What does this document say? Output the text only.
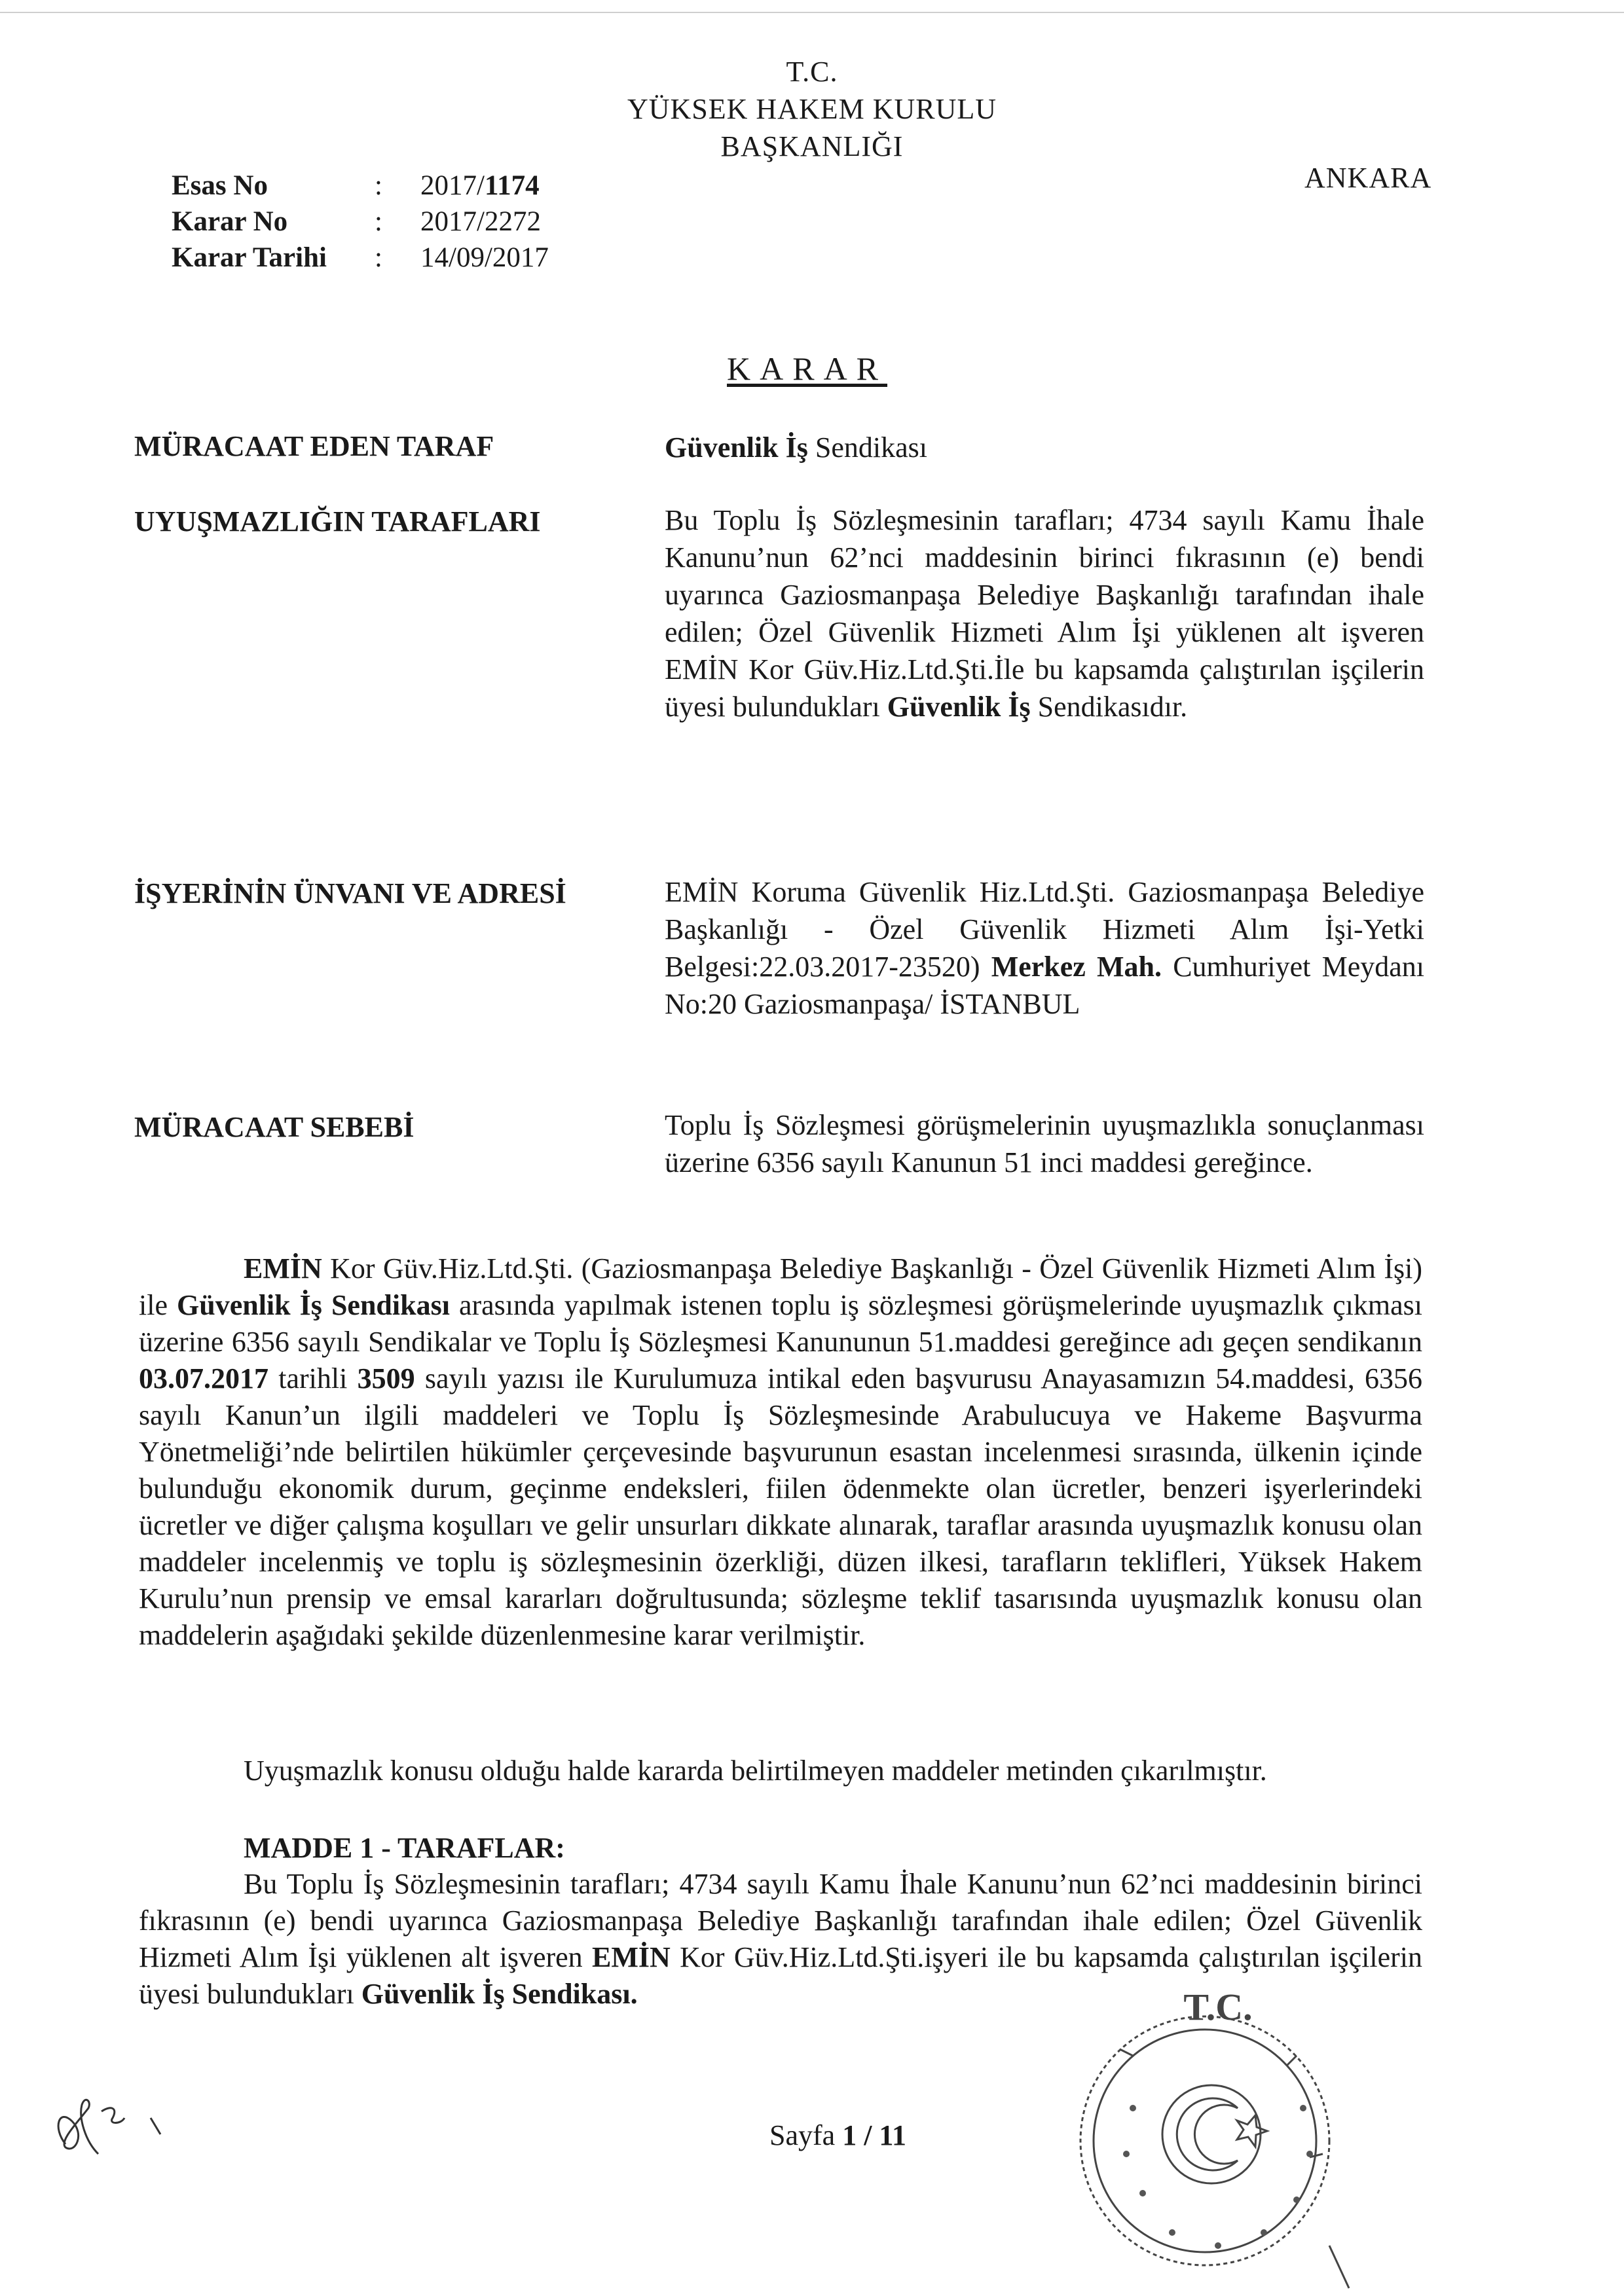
T.C.
YÜKSEK HAKEM KURULU
BAŞKANLIĞI
ANKARA
Esas No	: 2017/1174
Karar No	: 2017/2272
Karar Tarihi : 14/09/2017
KARAR
MÜRACAAT EDEN TARAF	Güvenlik İş Sendikası
UYUŞMAZLIĞIN TARAFLARI	Bu Toplu İş Sözleşmesinin tarafları; 4734 sayılı Kamu İhale Kanunu’nun 62’nci maddesinin birinci fıkrasının (e) bendi uyarınca Gaziosmanpaşa Belediye Başkanlığı tarafından ihale edilen; Özel Güvenlik Hizmeti Alım İşi yüklenen alt işveren EMİN Kor Güv.Hiz.Ltd.Şti.İle bu kapsamda çalıştırılan işçilerin üyesi bulundukları Güvenlik İş Sendikasıdır.
İŞYERİNİN ÜNVANI VE ADRESİ	EMİN Koruma Güvenlik Hiz.Ltd.Şti. Gaziosmanpaşa Belediye Başkanlığı - Özel Güvenlik Hizmeti Alım İşi-Yetki Belgesi:22.03.2017-23520) Merkez Mah. Cumhuriyet Meydanı No:20 Gaziosmanpaşa/ İSTANBUL
MÜRACAAT SEBEBİ	Toplu İş Sözleşmesi görüşmelerinin uyuşmazlıkla sonuçlanması üzerine 6356 sayılı Kanunun 51 inci maddesi gereğince.
EMİN Kor Güv.Hiz.Ltd.Şti. (Gaziosmanpaşa Belediye Başkanlığı - Özel Güvenlik Hizmeti Alım İşi) ile Güvenlik İş Sendikası arasında yapılmak istenen toplu iş sözleşmesi görüşmelerinde uyuşmazlık çıkması üzerine 6356 sayılı Sendikalar ve Toplu İş Sözleşmesi Kanununun 51.maddesi gereğince adı geçen sendikanın 03.07.2017 tarihli 3509 sayılı yazısı ile Kurulumuza intikal eden başvurusu Anayasamızın 54.maddesi, 6356 sayılı Kanun’un ilgili maddeleri ve Toplu İş Sözleşmesinde Arabulucuya ve Hakeme Başvurma Yönetmeliği’nde belirtilen hükümler çerçevesinde başvurunun esastan incelenmesi sırasında, ülkenin içinde bulunduğu ekonomik durum, geçinme endeksleri, fiilen ödenmekte olan ücretler, benzeri işyerlerindeki ücretler ve diğer çalışma koşulları ve gelir unsurları dikkate alınarak, taraflar arasında uyuşmazlık konusu olan maddeler incelenmiş ve toplu iş sözleşmesinin özerkliği, düzen ilkesi, tarafların teklifleri, Yüksek Hakem Kurulu’nun prensip ve emsal kararları doğrultusunda; sözleşme teklif tasarısında uyuşmazlık konusu olan maddelerin aşağıdaki şekilde düzenlenmesine karar verilmiştir.
Uyuşmazlık konusu olduğu halde kararda belirtilmeyen maddeler metinden çıkarılmıştır.
MADDE 1 - TARAFLAR:
Bu Toplu İş Sözleşmesinin tarafları; 4734 sayılı Kamu İhale Kanunu’nun 62’nci maddesinin birinci fıkrasının (e) bendi uyarınca Gaziosmanpaşa Belediye Başkanlığı tarafından ihale edilen; Özel Güvenlik Hizmeti Alım İşi yüklenen alt işveren EMİN Kor Güv.Hiz.Ltd.Şti.işyeri ile bu kapsamda çalıştırılan işçilerin üyesi bulundukları Güvenlik İş Sendikası.
Sayfa 1 / 11
T.C.
